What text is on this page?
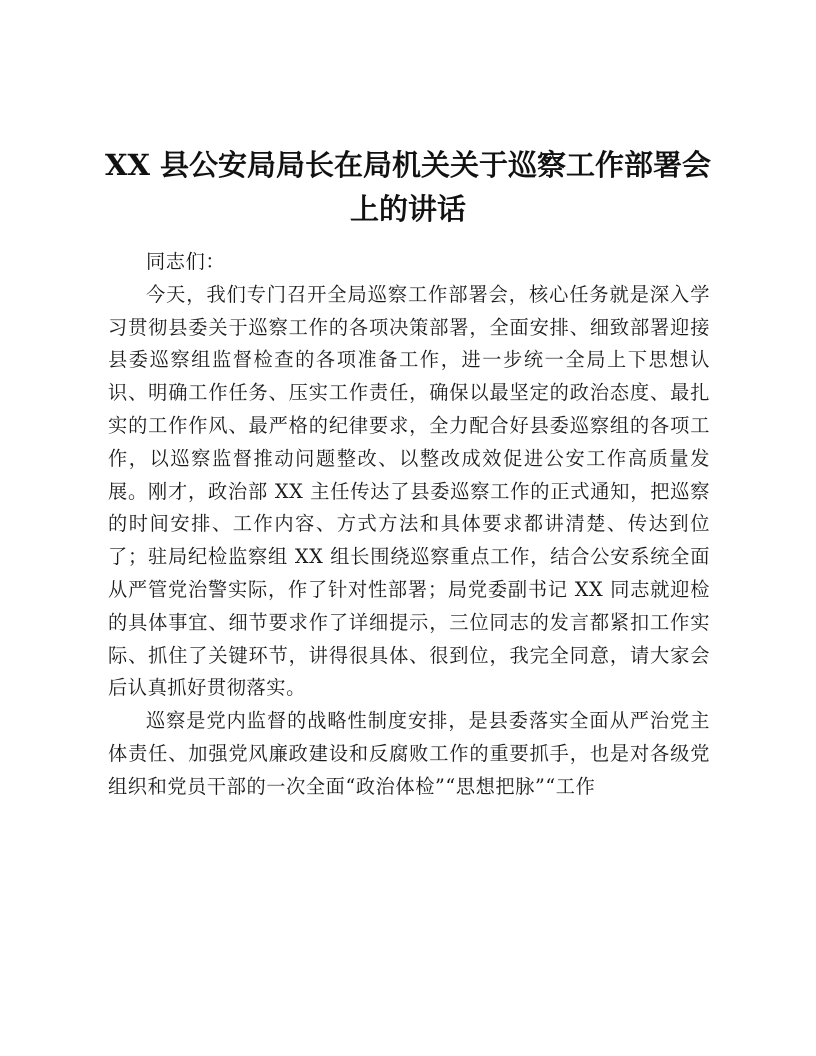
XX 县公安局局长在局机关关于巡察工作部署会上的讲话

同志们：

今天，我们专门召开全局巡察工作部署会，核心任务就是深入学习贯彻县委关于巡察工作的各项决策部署，全面安排、细致部署迎接县委巡察组监督检查的各项准备工作，进一步统一全局上下思想认识、明确工作任务、压实工作责任，确保以最坚定的政治态度、最扎实的工作作风、最严格的纪律要求，全力配合好县委巡察组的各项工作，以巡察监督推动问题整改、以整改成效促进公安工作高质量发展。刚才，政治部 XX 主任传达了县委巡察工作的正式通知，把巡察的时间安排、工作内容、方式方法和具体要求都讲清楚、传达到位了；驻局纪检监察组 XX 组长围绕巡察重点工作，结合公安系统全面从严管党治警实际，作了针对性部署；局党委副书记 XX 同志就迎检的具体事宜、细节要求作了详细提示，三位同志的发言都紧扣工作实际、抓住了关键环节，讲得很具体、很到位，我完全同意，请大家会后认真抓好贯彻落实。

巡察是党内监督的战略性制度安排，是县委落实全面从严治党主体责任、加强党风廉政建设和反腐败工作的重要抓手，也是对各级党组织和党员干部的一次全面“政治体检”“思想把脉”“工作
